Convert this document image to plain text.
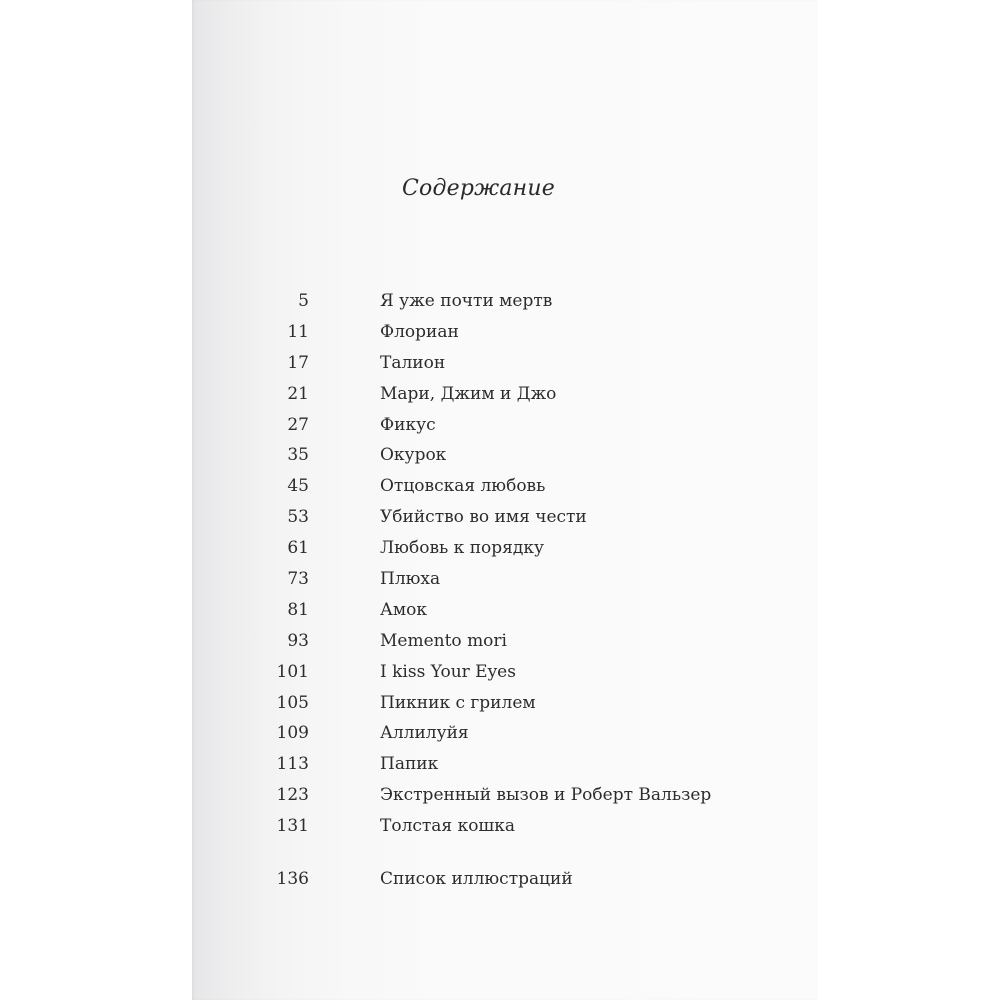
Содержание
5	Я уже почти мертв
11	Флориан
17	Талион
21	Мари, Джим и Джо
27	Фикус
35	Окурок
45	Отцовская любовь
53	Убийство во имя чести
61	Любовь к порядку
73	Плюха
81	Амок
93	Memento mori
101	I kiss Your Eyes
105	Пикник с грилем
109	Аллилуйя
113	Папик
123	Экстренный вызов и Роберт Вальзер
131	Толстая кошка
136	Список иллюстраций
